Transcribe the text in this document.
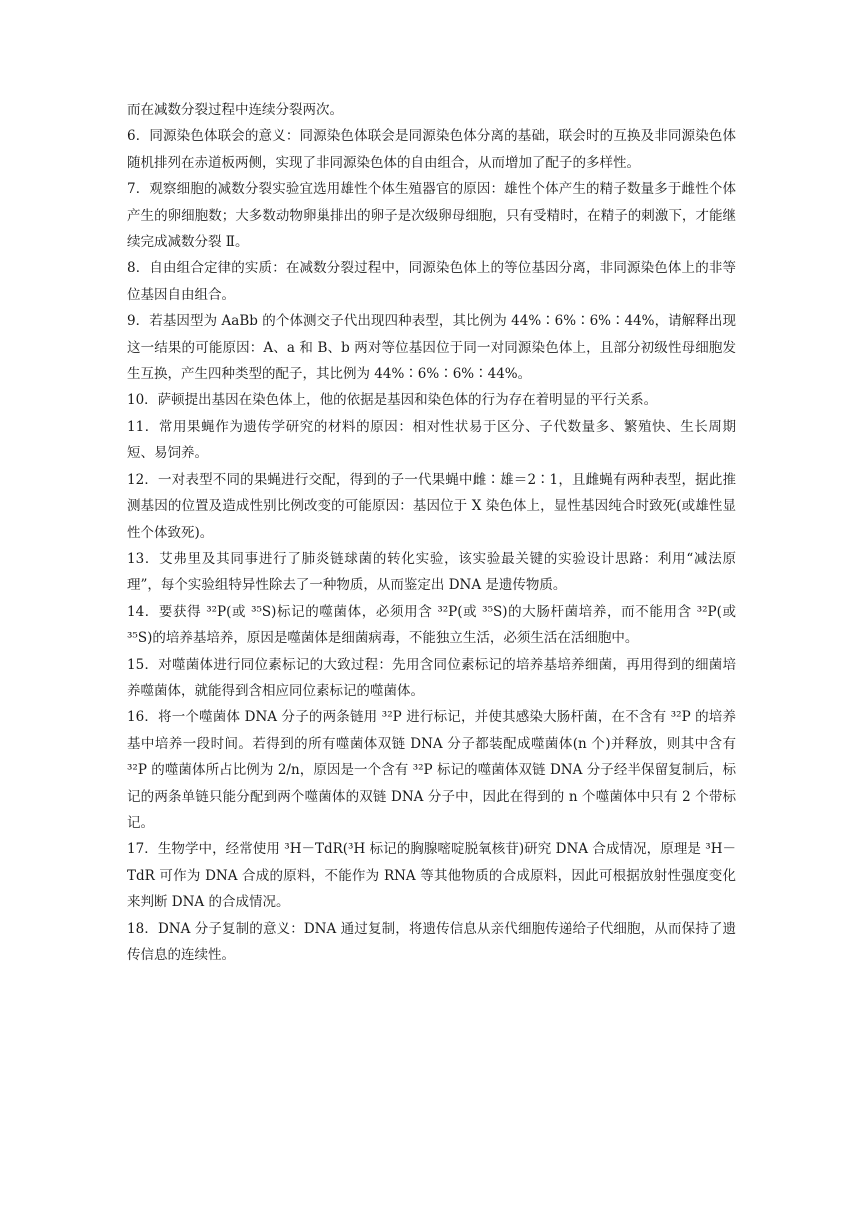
而在减数分裂过程中连续分裂两次。

6．同源染色体联会的意义：同源染色体联会是同源染色体分离的基础，联会时的互换及非同源染色体随机排列在赤道板两侧，实现了非同源染色体的自由组合，从而增加了配子的多样性。

7．观察细胞的减数分裂实验宜选用雄性个体生殖器官的原因：雄性个体产生的精子数量多于雌性个体产生的卵细胞数；大多数动物卵巢排出的卵子是次级卵母细胞，只有受精时，在精子的刺激下，才能继续完成减数分裂 Ⅱ。

8．自由组合定律的实质：在减数分裂过程中，同源染色体上的等位基因分离，非同源染色体上的非等位基因自由组合。

9．若基因型为 AaBb 的个体测交子代出现四种表型，其比例为 44%∶6%∶6%∶44%，请解释出现这一结果的可能原因：A、a 和 B、b 两对等位基因位于同一对同源染色体上，且部分初级性母细胞发生互换，产生四种类型的配子，其比例为 44%∶6%∶6%∶44%。

10．萨顿提出基因在染色体上，他的依据是基因和染色体的行为存在着明显的平行关系。

11．常用果蝇作为遗传学研究的材料的原因：相对性状易于区分、子代数量多、繁殖快、生长周期短、易饲养。

12．一对表型不同的果蝇进行交配，得到的子一代果蝇中雌∶雄＝2∶1，且雌蝇有两种表型，据此推测基因的位置及造成性别比例改变的可能原因：基因位于 X 染色体上，显性基因纯合时致死(或雄性显性个体致死)。

13．艾弗里及其同事进行了肺炎链球菌的转化实验，该实验最关键的实验设计思路：利用“减法原理”，每个实验组特异性除去了一种物质，从而鉴定出 DNA 是遗传物质。

14．要获得 ³²P(或 ³⁵S)标记的噬菌体，必须用含 ³²P(或 ³⁵S)的大肠杆菌培养，而不能用含 ³²P(或 ³⁵S)的培养基培养，原因是噬菌体是细菌病毒，不能独立生活，必须生活在活细胞中。

15．对噬菌体进行同位素标记的大致过程：先用含同位素标记的培养基培养细菌，再用得到的细菌培养噬菌体，就能得到含相应同位素标记的噬菌体。

16．将一个噬菌体 DNA 分子的两条链用 ³²P 进行标记，并使其感染大肠杆菌，在不含有 ³²P 的培养基中培养一段时间。若得到的所有噬菌体双链 DNA 分子都装配成噬菌体(n 个)并释放，则其中含有 ³²P 的噬菌体所占比例为 2/n，原因是一个含有 ³²P 标记的噬菌体双链 DNA 分子经半保留复制后，标记的两条单链只能分配到两个噬菌体的双链 DNA 分子中，因此在得到的 n 个噬菌体中只有 2 个带标记。

17．生物学中，经常使用 ³H－TdR(³H 标记的胸腺嘧啶脱氧核苷)研究 DNA 合成情况，原理是 ³H－TdR 可作为 DNA 合成的原料，不能作为 RNA 等其他物质的合成原料，因此可根据放射性强度变化来判断 DNA 的合成情况。

18．DNA 分子复制的意义：DNA 通过复制，将遗传信息从亲代细胞传递给子代细胞，从而保持了遗传信息的连续性。
